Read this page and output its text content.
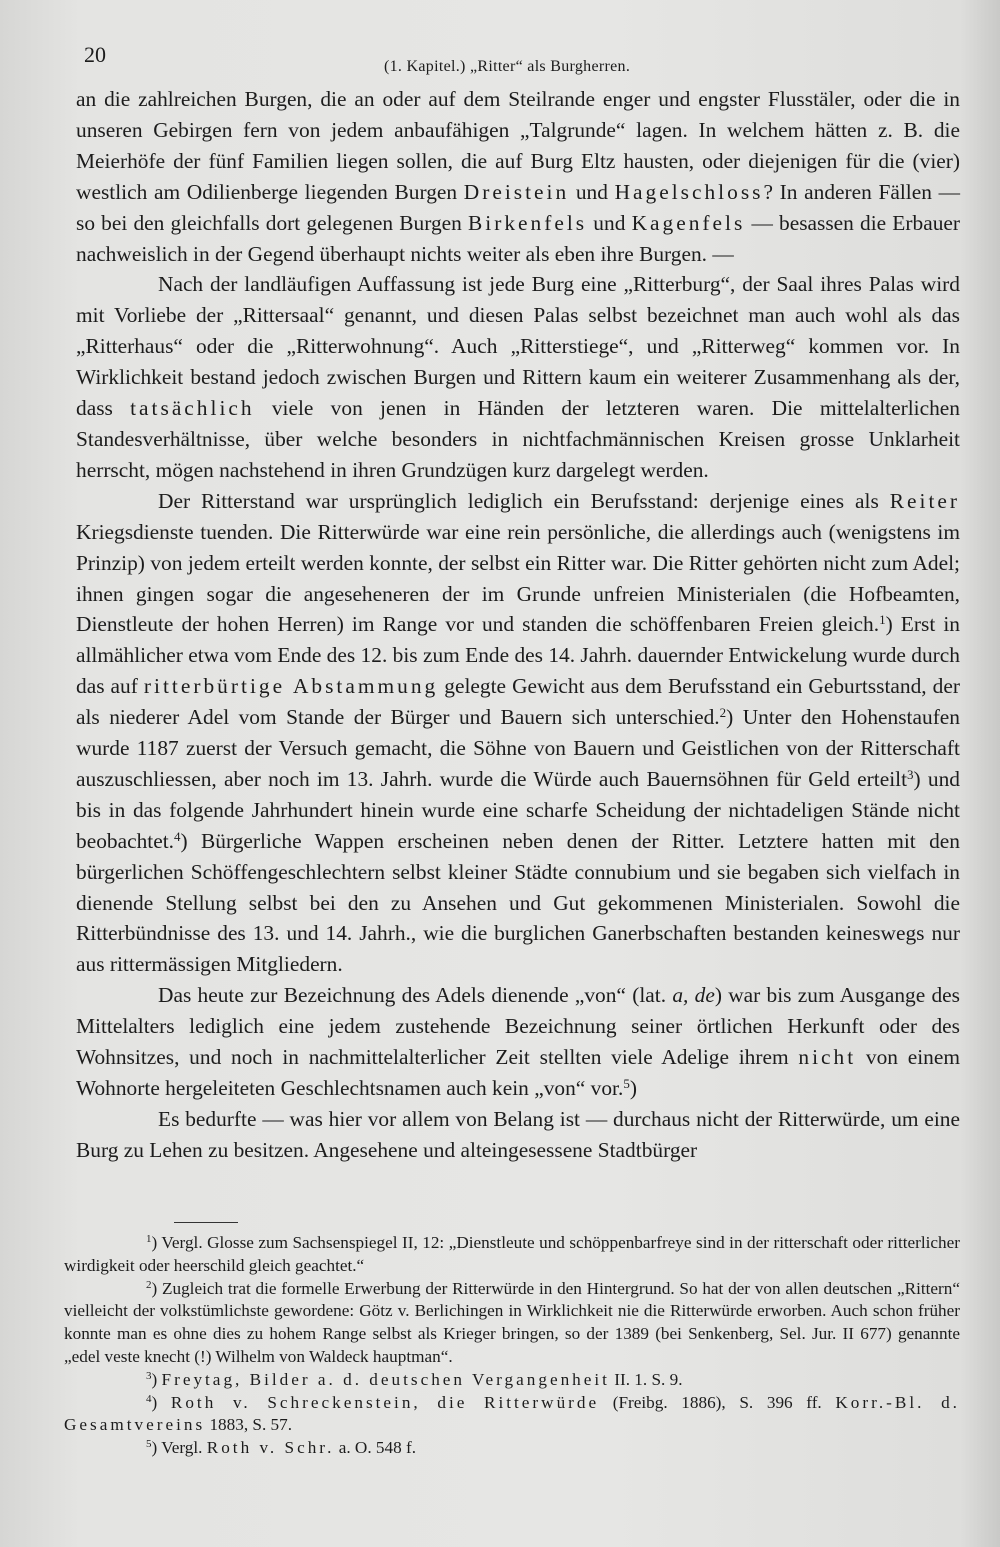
20	(1. Kapitel.) „Ritter“ als Burgherren.

an die zahlreichen Burgen, die an oder auf dem Steilrande enger und engster Flusstäler, oder die in unseren Gebirgen fern von jedem anbaufähigen „Talgrunde“ lagen. In welchem hätten z. B. die Meierhöfe der fünf Familien liegen sollen, die auf Burg Eltz hausten, oder diejenigen für die (vier) westlich am Odilienberge liegenden Burgen Dreistein und Hagelschloss? In anderen Fällen — so bei den gleichfalls dort gelegenen Burgen Birkenfels und Kagenfels — besassen die Erbauer nachweislich in der Gegend überhaupt nichts weiter als eben ihre Burgen. —

Nach der landläufigen Auffassung ist jede Burg eine „Ritterburg“, der Saal ihres Palas wird mit Vorliebe der „Rittersaal“ genannt, und diesen Palas selbst bezeichnet man auch wohl als das „Ritterhaus“ oder die „Ritterwohnung“. Auch „Ritterstiege“, und „Ritterweg“ kommen vor. In Wirklichkeit bestand jedoch zwischen Burgen und Rittern kaum ein weiterer Zusammenhang als der, dass tatsächlich viele von jenen in Händen der letzteren waren. Die mittelalterlichen Standesverhältnisse, über welche besonders in nichtfachmännischen Kreisen grosse Unklarheit herrscht, mögen nachstehend in ihren Grundzügen kurz dargelegt werden.

Der Ritterstand war ursprünglich lediglich ein Berufsstand: derjenige eines als Reiter Kriegsdienste tuenden. Die Ritterwürde war eine rein persönliche, die allerdings auch (wenigstens im Prinzip) von jedem erteilt werden konnte, der selbst ein Ritter war. Die Ritter gehörten nicht zum Adel; ihnen gingen sogar die angeseheneren der im Grunde unfreien Ministerialen (die Hofbeamten, Dienstleute der hohen Herren) im Range vor und standen die schöffenbaren Freien gleich.$^1$) Erst in allmählicher etwa vom Ende des 12. bis zum Ende des 14. Jahrh. dauernder Entwickelung wurde durch das auf ritterbürtige Abstammung gelegte Gewicht aus dem Berufsstand ein Geburtsstand, der als niederer Adel vom Stande der Bürger und Bauern sich unterschied.$^2$) Unter den Hohenstaufen wurde 1187 zuerst der Versuch gemacht, die Söhne von Bauern und Geistlichen von der Ritterschaft auszuschliessen, aber noch im 13. Jahrh. wurde die Würde auch Bauernsöhnen für Geld erteilt$^3$) und bis in das folgende Jahrhundert hinein wurde eine scharfe Scheidung der nichtadeligen Stände nicht beobachtet.$^4$) Bürgerliche Wappen erscheinen neben denen der Ritter. Letztere hatten mit den bürgerlichen Schöffengeschlechtern selbst kleiner Städte connubium und sie begaben sich vielfach in dienende Stellung selbst bei den zu Ansehen und Gut gekommenen Ministerialen. Sowohl die Ritterbündnisse des 13. und 14. Jahrh., wie die burglichen Ganerbschaften bestanden keineswegs nur aus rittermässigen Mitgliedern.

Das heute zur Bezeichnung des Adels dienende „von“ (lat. a, de) war bis zum Ausgange des Mittelalters lediglich eine jedem zustehende Bezeichnung seiner örtlichen Herkunft oder des Wohnsitzes, und noch in nachmittelalterlicher Zeit stellten viele Adelige ihrem nicht von einem Wohnorte hergeleiteten Geschlechtsnamen auch kein „von“ vor.$^5$)

Es bedurfte — was hier vor allem von Belang ist — durchaus nicht der Ritterwürde, um eine Burg zu Lehen zu besitzen. Angesehene und alteingesessene Stadtbürger

$^1$) Vergl. Glosse zum Sachsenspiegel II, 12: „Dienstleute und schöppenbarfreye sind in der ritterschaft oder ritterlicher wirdigkeit oder heerschild gleich geachtet.“

$^2$) Zugleich trat die formelle Erwerbung der Ritterwürde in den Hintergrund. So hat der von allen deutschen „Rittern“ vielleicht der volkstümlichste gewordene: Götz v. Berlichingen in Wirklichkeit nie die Ritterwürde erworben. Auch schon früher konnte man es ohne dies zu hohem Range selbst als Krieger bringen, so der 1389 (bei Senkenberg, Sel. Jur. II 677) genannte „edel veste knecht (!) Wilhelm von Waldeck hauptman“.

$^3$) Freytag, Bilder a. d. deutschen Vergangenheit II. 1. S. 9.

$^4$) Roth v. Schreckenstein, die Ritterwürde (Freibg. 1886), S. 396 ff. Korr.-Bl. d. Gesamtvereins 1883, S. 57.

$^5$) Vergl. Roth v. Schr. a. O. 548 f.
